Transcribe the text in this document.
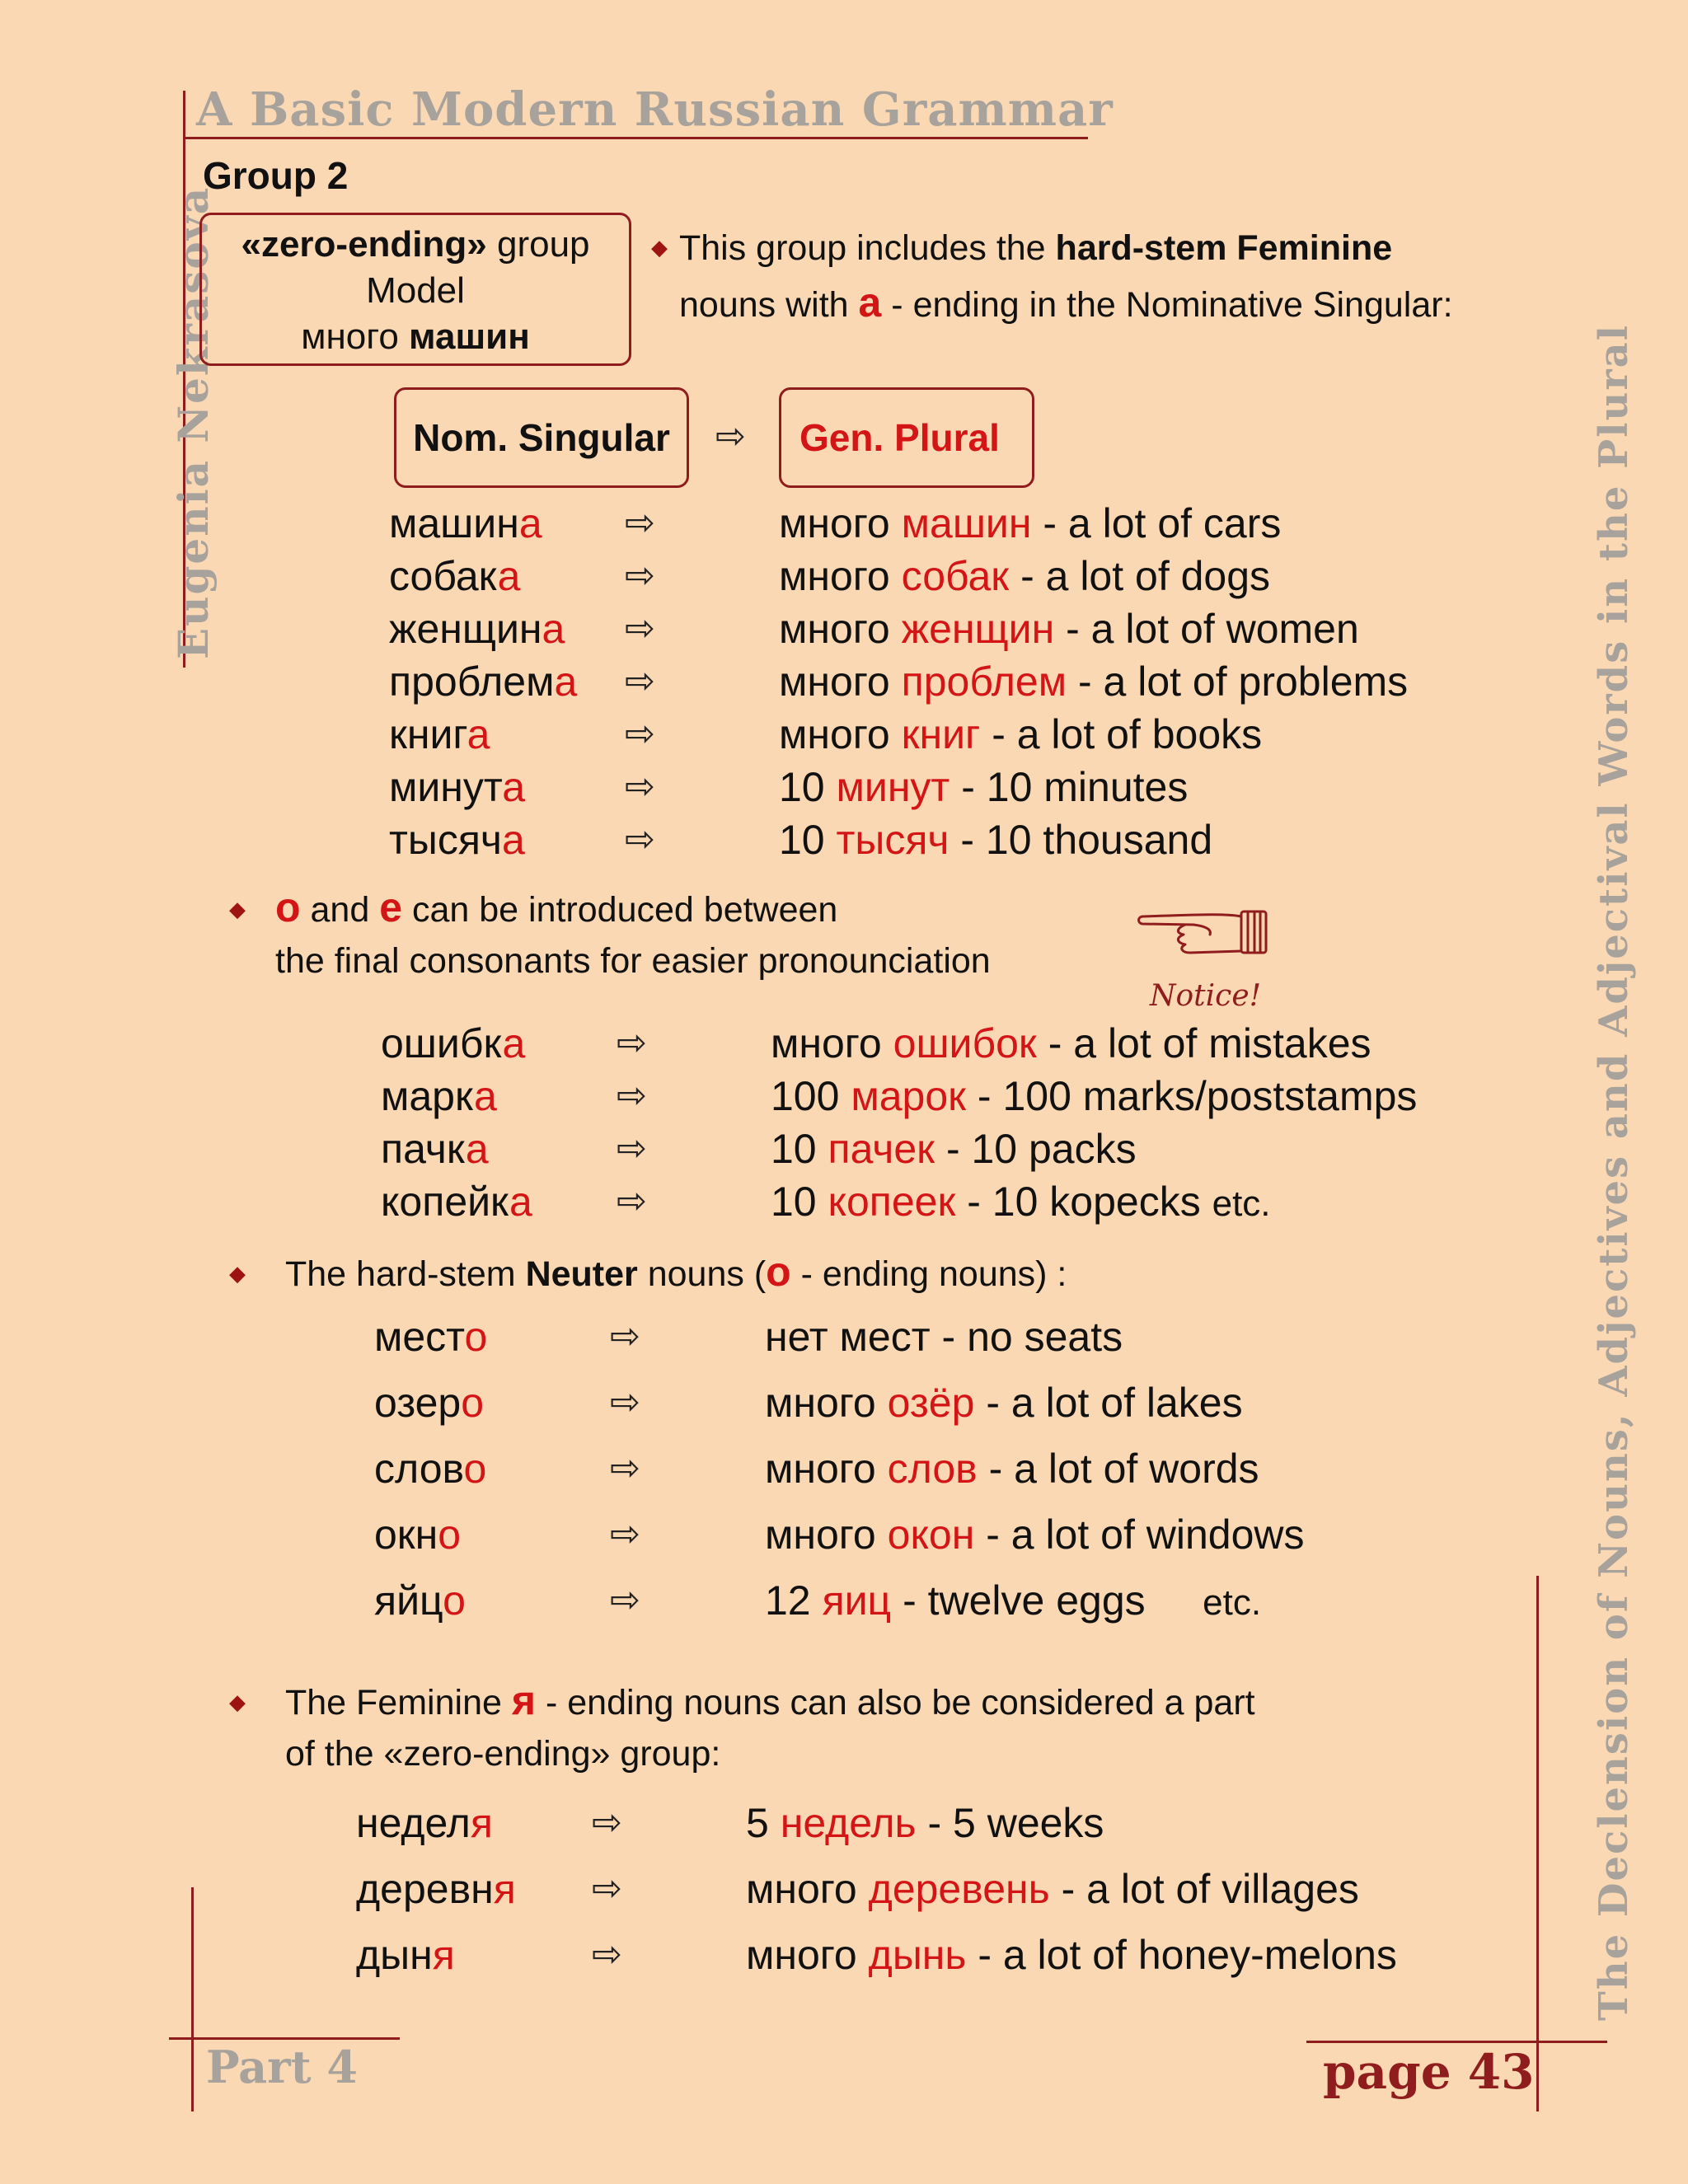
A Basic Modern Russian Grammar
Eugenia Nekrasova	The Declension of Nouns, Adjectives and Adjectival Words in the Plural
Part 4	page 43
Group 2
«zero-ending» group
Model
много машин
◆ This group includes the hard-stem Feminine
nouns with а - ending in the Nominative Singular:
Nom. Singular ⇨ Gen. Plural
машина ⇨	много машин - a lot of cars
собака	⇨	много собак - a lot of dogs
женщина ⇨	много женщин - a lot of women
проблема ⇨	много проблем - a lot of problems
книга	⇨	много книг - a lot of books
минута	⇨	10 минут - 10 minutes
тысяча	⇨	10 тысяч - 10 thousand
◆ о and е can be introduced between
the final consonants for easier pronounciation
Notice!
ошибка	⇨	много ошибок - a lot of mistakes
марка	⇨	100 марок - 100 marks/poststamps
пачка	⇨	10 пачек - 10 packs
копейка ⇨	10 копеек - 10 kopecks etc.
◆ The hard-stem Neuter nouns (о - ending nouns) :
место	⇨	нет мест - no seats
озеро	⇨	много озёр - a lot of lakes
слово	⇨	много слов - a lot of words
окно	⇨	много окон - a lot of windows
яйцо	⇨	12 яиц - twelve eggs etc.
◆ The Feminine я - ending nouns can also be considered a part
of the «zero-ending» group:
неделя	⇨	5 недель - 5 weeks
деревня ⇨	много деревень - a lot of villages
дыня	⇨	много дынь - a lot of honey-melons
